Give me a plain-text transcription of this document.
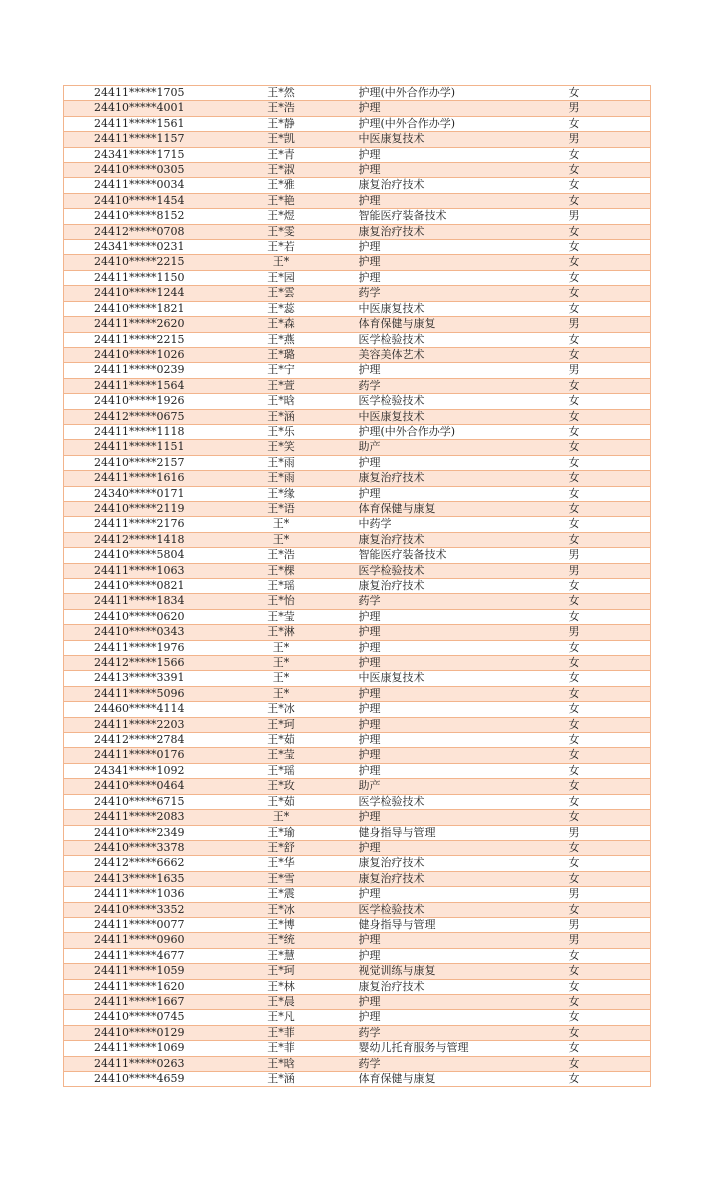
24411*****1705	王*然	护理(中外合作办学)	女
24410*****4001	王*浩	护理	男
24411*****1561	王*静	护理(中外合作办学)	女
24411*****1157	王*凯	中医康复技术	男
24341*****1715	王*青	护理	女
24410*****0305	王*淑	护理	女
24411*****0034	王*雅	康复治疗技术	女
24410*****1454	王*艳	护理	女
24410*****8152	王*煜	智能医疗装备技术	男
24412*****0708	王*雯	康复治疗技术	女
24341*****0231	王*若	护理	女
24410*****2215	王*	护理	女
24411*****1150	王*园	护理	女
24410*****1244	王*雲	药学	女
24410*****1821	王*蕊	中医康复技术	女
24411*****2620	王*森	体育保健与康复	男
24411*****2215	王*燕	医学检验技术	女
24410*****1026	王*璐	美容美体艺术	女
24411*****0239	王*宁	护理	男
24411*****1564	王*萱	药学	女
24410*****1926	王*晗	医学检验技术	女
24412*****0675	王*涵	中医康复技术	女
24411*****1118	王*乐	护理(中外合作办学)	女
24411*****1151	王*笑	助产	女
24410*****2157	王*雨	护理	女
24411*****1616	王*雨	康复治疗技术	女
24340*****0171	王*缘	护理	女
24410*****2119	王*语	体育保健与康复	女
24411*****2176	王*	中药学	女
24412*****1418	王*	康复治疗技术	女
24410*****5804	王*浩	智能医疗装备技术	男
24411*****1063	王*棵	医学检验技术	男
24410*****0821	王*瑶	康复治疗技术	女
24411*****1834	王*怡	药学	女
24410*****0620	王*莹	护理	女
24410*****0343	王*淋	护理	男
24411*****1976	王*	护理	女
24412*****1566	王*	护理	女
24413*****3391	王*	中医康复技术	女
24411*****5096	王*	护理	女
24460*****4114	王*冰	护理	女
24411*****2203	王*珂	护理	女
24412*****2784	王*茹	护理	女
24411*****0176	王*莹	护理	女
24341*****1092	王*瑶	护理	女
24410*****0464	王*玫	助产	女
24410*****6715	王*茹	医学检验技术	女
24411*****2083	王*	护理	女
24410*****2349	王*瑜	健身指导与管理	男
24410*****3378	王*舒	护理	女
24412*****6662	王*华	康复治疗技术	女
24413*****1635	王*雪	康复治疗技术	女
24411*****1036	王*震	护理	男
24410*****3352	王*冰	医学检验技术	女
24411*****0077	王*博	健身指导与管理	男
24411*****0960	王*统	护理	男
24411*****4677	王*慧	护理	女
24411*****1059	王*珂	视觉训练与康复	女
24411*****1620	王*林	康复治疗技术	女
24411*****1667	王*晨	护理	女
24410*****0745	王*凡	护理	女
24410*****0129	王*菲	药学	女
24411*****1069	王*菲	婴幼儿托育服务与管理	女
24411*****0263	王*晗	药学	女
24410*****4659	王*涵	体育保健与康复	女
